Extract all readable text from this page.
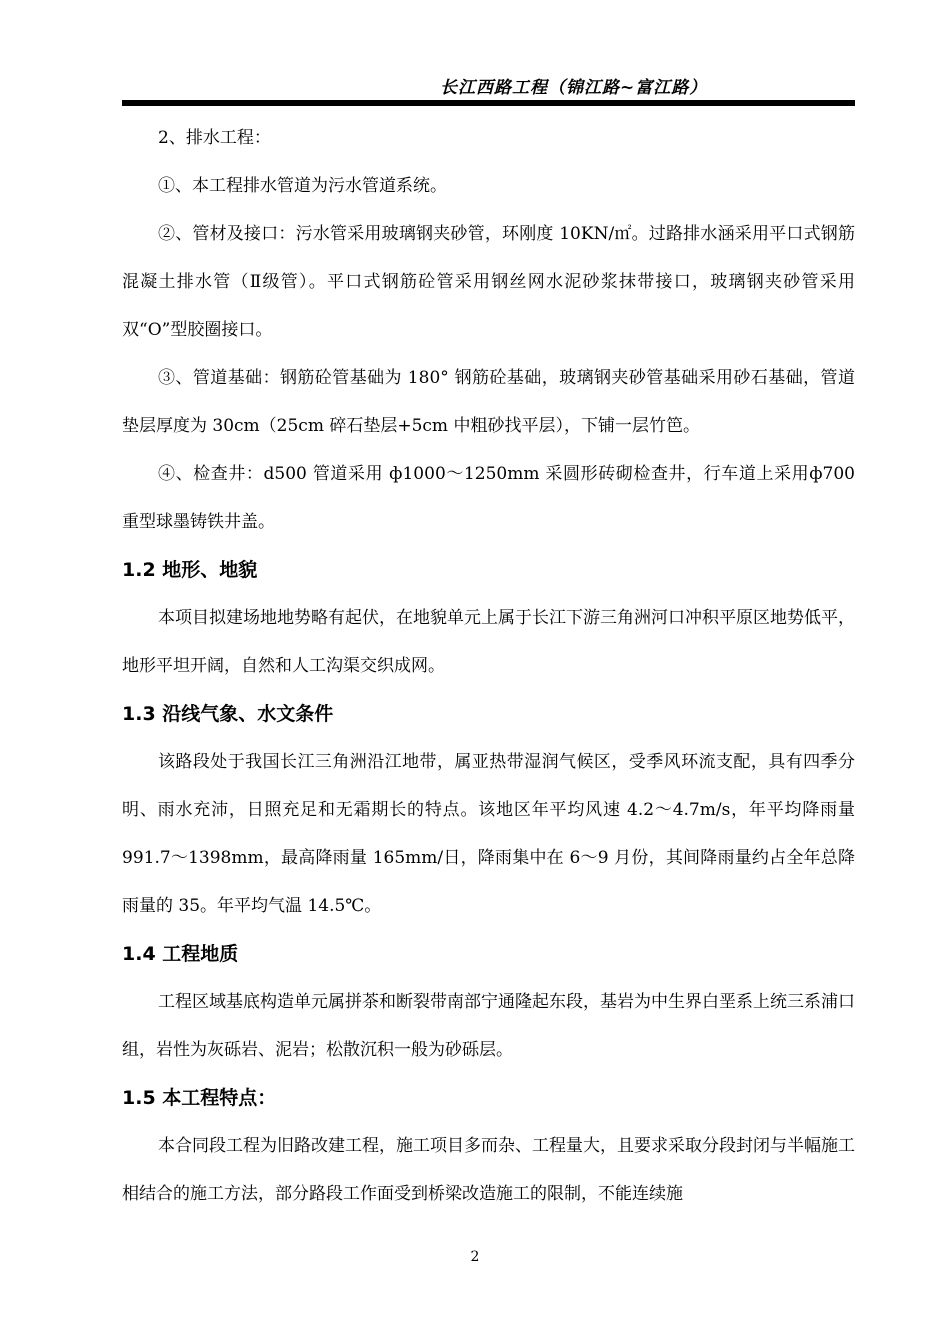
长江西路工程（锦江路~富江路）

2、排水工程：

①、本工程排水管道为污水管道系统。

②、管材及接口：污水管采用玻璃钢夹砂管，环刚度 10KN/㎡。过路排水涵采用平口式钢筋混凝土排水管（Ⅱ级管）。平口式钢筋砼管采用钢丝网水泥砂浆抹带接口，玻璃钢夹砂管采用双“O”型胶圈接口。

③、管道基础：钢筋砼管基础为 180° 钢筋砼基础，玻璃钢夹砂管基础采用砂石基础，管道垫层厚度为 30cm（25cm 碎石垫层+5cm 中粗砂找平层），下铺一层竹笆。

④、检查井：d500 管道采用 ф1000～1250mm 采圆形砖砌检查井，行车道上采用ф700 重型球墨铸铁井盖。

1.2 地形、地貌

本项目拟建场地地势略有起伏，在地貌单元上属于长江下游三角洲河口冲积平原区地势低平，地形平坦开阔，自然和人工沟渠交织成网。

1.3 沿线气象、水文条件

该路段处于我国长江三角洲沿江地带，属亚热带湿润气候区，受季风环流支配，具有四季分明、雨水充沛，日照充足和无霜期长的特点。该地区年平均风速 4.2～4.7m/s，年平均降雨量 991.7～1398mm，最高降雨量 165mm/日，降雨集中在 6～9 月份，其间降雨量约占全年总降雨量的 35。年平均气温 14.5℃。

1.4 工程地质

工程区域基底构造单元属拼茶和断裂带南部宁通隆起东段，基岩为中生界白垩系上统三系浦口组，岩性为灰砾岩、泥岩；松散沉积一般为砂砾层。

1.5 本工程特点：

本合同段工程为旧路改建工程，施工项目多而杂、工程量大，且要求采取分段封闭与半幅施工相结合的施工方法，部分路段工作面受到桥梁改造施工的限制，不能连续施

2
